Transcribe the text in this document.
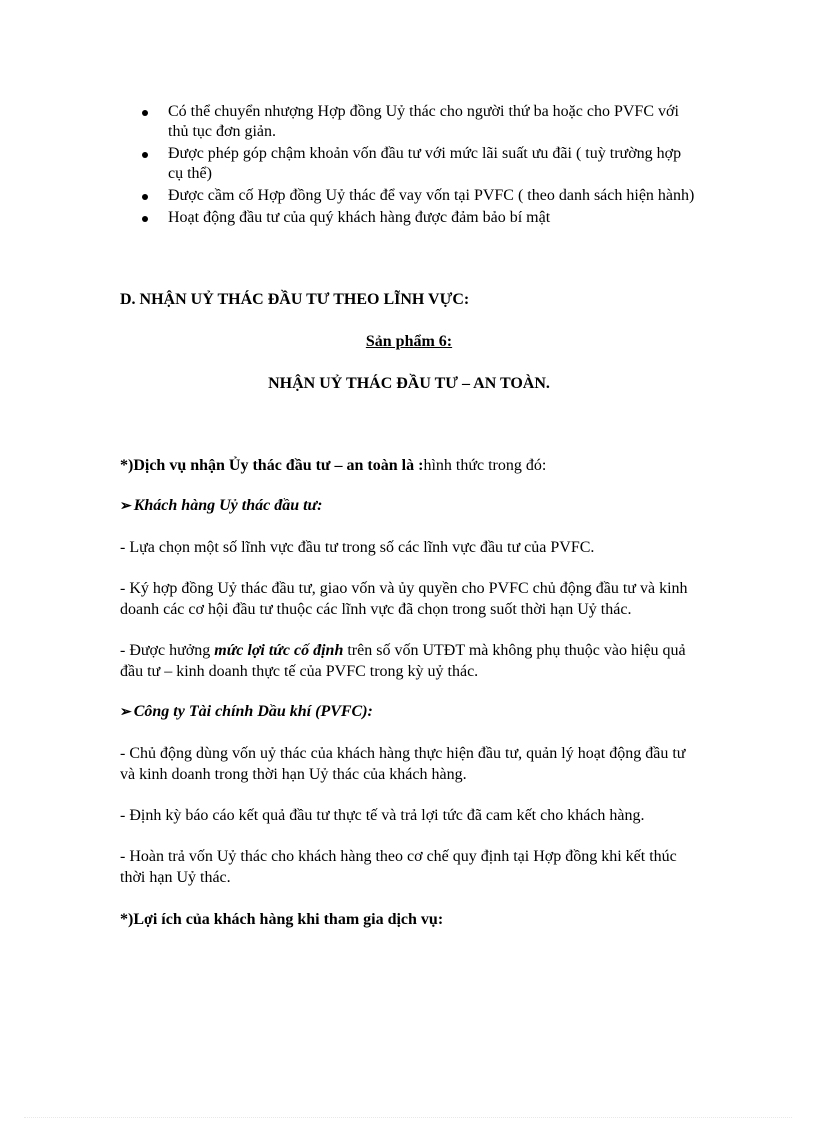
Có thể chuyển nhượng Hợp đồng Uỷ thác cho người thứ ba hoặc cho PVFC với thủ tục đơn giản.
Được phép góp chậm khoản vốn đầu tư với mức lãi suất ưu đãi ( tuỳ trường hợp cụ thể)
Được cầm cố Hợp đồng Uỷ thác để vay vốn tại PVFC ( theo danh sách hiện hành)
Hoạt động đầu tư của quý khách hàng được đảm bảo bí mật
D. NHẬN UỶ THÁC ĐẦU TƯ THEO LĨNH VỰC:
Sản phẩm 6:
NHẬN UỶ THÁC ĐẦU TƯ – AN TOÀN.
*)Dịch vụ nhận Ủy thác đầu tư – an toàn là :hình thức trong đó:
➢ Khách hàng Uỷ thác đầu tư:
- Lựa chọn một số lĩnh vực đầu tư trong số các lĩnh vực đầu tư của PVFC.
- Ký hợp đồng Uỷ thác đầu tư, giao vốn và ủy quyền cho PVFC chủ động đầu tư và kinh doanh các cơ hội đầu tư thuộc các lĩnh vực đã chọn trong suốt thời hạn Uỷ thác.
- Được hưởng mức lợi tức cố định trên số vốn UTĐT mà không phụ thuộc vào hiệu quả đầu tư – kinh doanh thực tế của PVFC trong kỳ uỷ thác.
➢ Công ty Tài chính Dầu khí (PVFC):
- Chủ động dùng vốn uỷ thác của khách hàng thực hiện đầu tư, quản lý hoạt động đầu tư và kinh doanh trong thời hạn Uỷ thác của khách hàng.
- Định kỳ báo cáo kết quả đầu tư thực tế và trả lợi tức đã cam kết cho khách hàng.
- Hoàn trả vốn Uỷ thác cho khách hàng theo cơ chế quy định tại Hợp đồng khi kết thúc thời hạn Uỷ thác.
*)Lợi ích của khách hàng khi tham gia dịch vụ:
